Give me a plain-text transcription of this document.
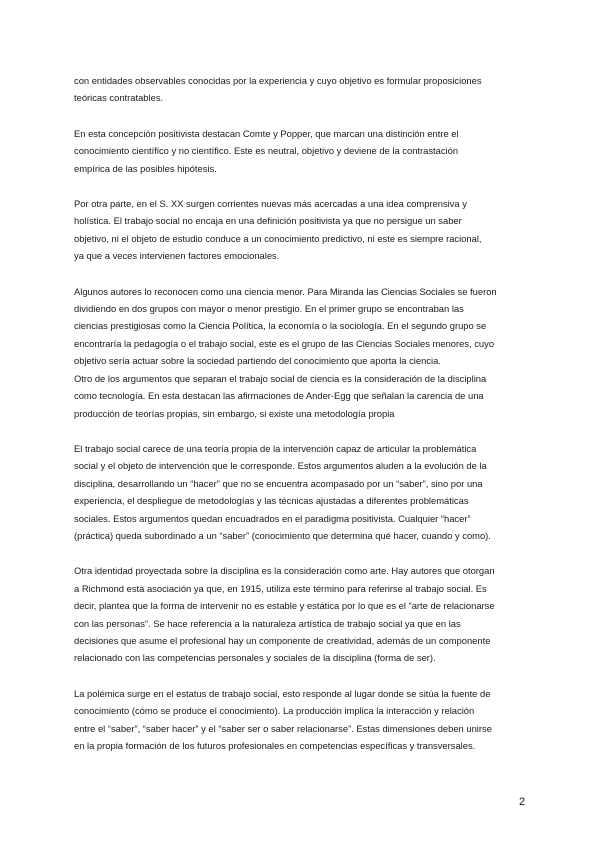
con entidades observables conocidas por la experiencia y cuyo objetivo es formular proposiciones
teóricas contratables.

En esta concepción positivista destacan Comte y Popper, que marcan una distinción entre el
conocimiento científico y no científico. Este es neutral, objetivo y deviene de la contrastación
empírica de las posibles hipótesis.

Por otra parte, en el S. XX surgen corrientes nuevas más acercadas a una idea comprensiva y
holística. El trabajo social no encaja en una definición positivista ya que no persigue un saber
objetivo, ni el objeto de estudio conduce a un conocimiento predictivo, ni este es siempre racional,
ya que a veces intervienen factores emocionales.

Algunos autores lo reconocen como una ciencia menor. Para Miranda las Ciencias Sociales se fueron
dividiendo en dos grupos con mayor o menor prestigio. En el primer grupo se encontraban las
ciencias prestigiosas como la Ciencia Política, la economía o la sociología. En el segundo grupo se
encontraría la pedagogía o el trabajo social, este es el grupo de las Ciencias Sociales menores, cuyo
objetivo sería actuar sobre la sociedad partiendo del conocimiento que aporta la ciencia.
Otro de los argumentos que separan el trabajo social de ciencia es la consideración de la disciplina
como tecnología. En esta destacan las afirmaciones de Ander-Egg que señalan la carencia de una
producción de teorías propias, sin embargo, si existe una metodología propia

El trabajo social carece de una teoría propia de la intervención capaz de articular la problemática
social y el objeto de intervención que le corresponde. Estos argumentos aluden a la evolución de la
disciplina, desarrollando un “hacer” que no se encuentra acompasado por un “saber”, sino por una
experiencia, el despliegue de metodologías y las técnicas ajustadas a diferentes problemáticas
sociales. Estos argumentos quedan encuadrados en el paradigma positivista. Cualquier “hacer”
(práctica) queda subordinado a un “saber” (conocimiento que determina qué hacer, cuando y como).

Otra identidad proyectada sobre la disciplina es la consideración como arte. Hay autores que otorgan
a Richmond esta asociación ya que, en 1915, utiliza este término para referirse al trabajo social. Es
decir, plantea que la forma de intervenir no es estable y estática por lo que es el “arte de relacionarse
con las personas”. Se hace referencia a la naturaleza artística de trabajo social ya que en las
decisiones que asume el profesional hay un componente de creatividad, además de un componente
relacionado con las competencias personales y sociales de la disciplina (forma de ser).

La polémica surge en el estatus de trabajo social, esto responde al lugar donde se sitúa la fuente de
conocimiento (cómo se produce el conocimiento). La producción implica la interacción y relación
entre el “saber”, “saber hacer” y el “saber ser o saber relacionarse”. Estas dimensiones deben unirse
en la propia formación de los futuros profesionales en competencias específicas y transversales.

2
